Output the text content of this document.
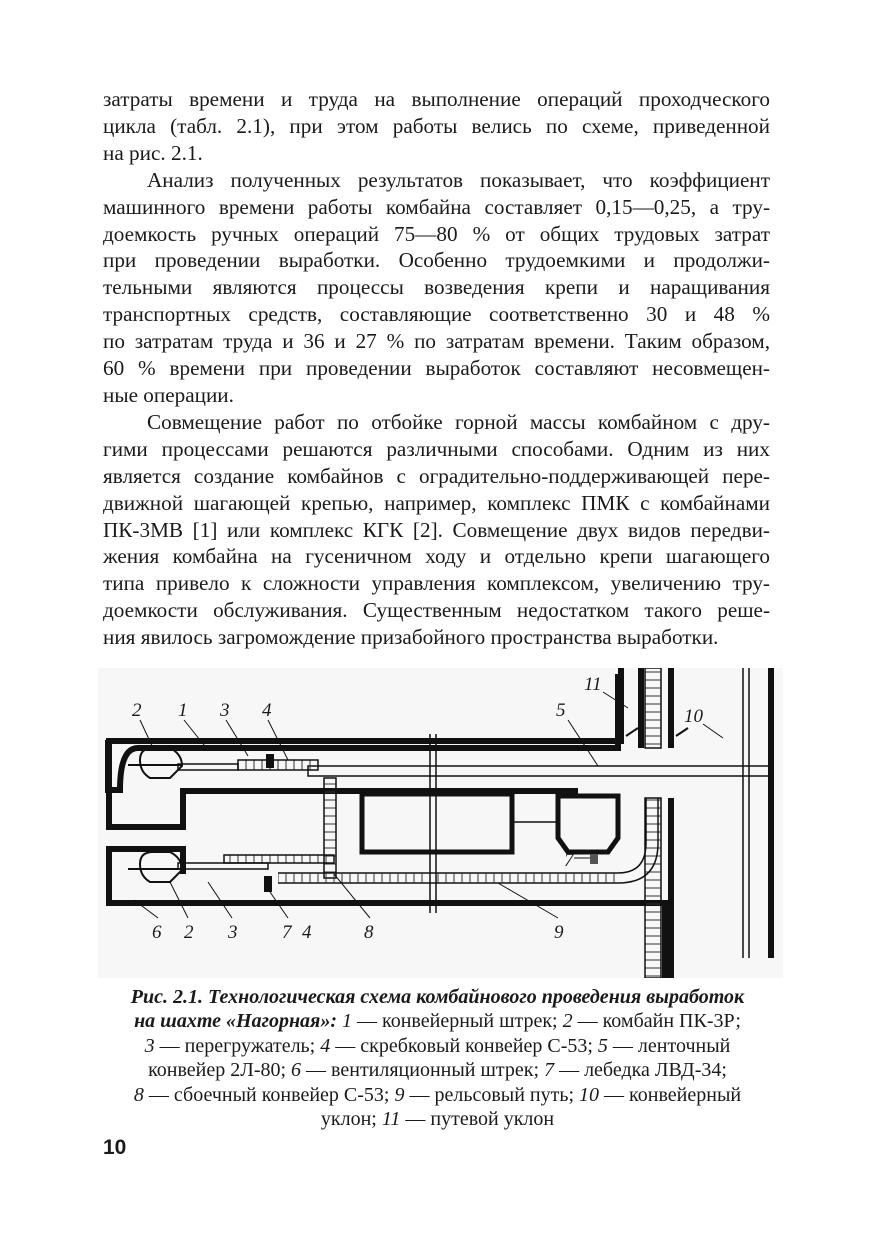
затраты времени и труда на выполнение операций проходческого
цикла (табл. 2.1), при этом работы велись по схеме, приведенной
на рис. 2.1.

Анализ полученных результатов показывает, что коэффициент
машинного времени работы комбайна составляет 0,15—0,25, а тру-
доемкость ручных операций 75—80 % от общих трудовых затрат
при проведении выработки. Особенно трудоемкими и продолжи-
тельными являются процессы возведения крепи и наращивания
транспортных средств, составляющие соответственно 30 и 48 %
по затратам труда и 36 и 27 % по затратам времени. Таким образом,
60 % времени при проведении выработок составляют несовмещен-
ные операции.

Совмещение работ по отбойке горной массы комбайном с дру-
гими процессами решаются различными способами. Одним из них
является создание комбайнов с оградительно-поддерживающей пере-
движной шагающей крепью, например, комплекс ПМК с комбайнами
ПК-3МВ [1] или комплекс КГК [2]. Совмещение двух видов передви-
жения комбайна на гусеничном ходу и отдельно крепи шагающего
типа привело к сложности управления комплексом, увеличению тру-
доемкости обслуживания. Существенным недостатком такого реше-
ния явилось загромождение призабойного пространства выработки.

2 1 3 4	5
11
10
6 2 3 7 4	8	9
7
Рис. 2.1. Технологическая схема комбайнового проведения выработок
на шахте «Нагорная»: 1 — конвейерный штрек; 2 — комбайн ПК-3Р;
3 — перегружатель; 4 — скребковый конвейер С-53; 5 — ленточный
конвейер 2Л-80; 6 — вентиляционный штрек; 7 — лебедка ЛВД-34;
8 — сбоечный конвейер С-53; 9 — рельсовый путь; 10 — конвейерный
уклон; 11 — путевой уклон
10
